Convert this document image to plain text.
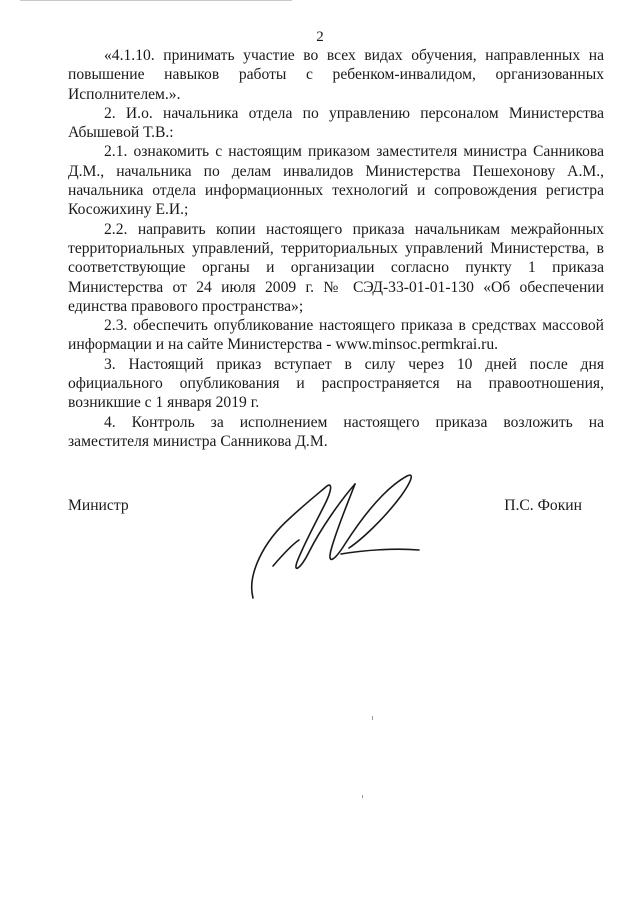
2

«4.1.10. принимать участие во всех видах обучения, направленных на повышение навыков работы с ребенком-инвалидом, организованных Исполнителем.».

2. И.о. начальника отдела по управлению персоналом Министерства Абышевой Т.В.:

2.1. ознакомить с настоящим приказом заместителя министра Санникова Д.М., начальника по делам инвалидов Министерства Пешехонову А.М., начальника отдела информационных технологий и сопровождения регистра Косожихину Е.И.;

2.2. направить копии настоящего приказа начальникам межрайонных территориальных управлений, территориальных управлений Министерства, в соответствующие органы и организации согласно пункту 1 приказа Министерства от 24 июля 2009 г. № СЭД-33-01-01-130 «Об обеспечении единства правового пространства»;

2.3. обеспечить опубликование настоящего приказа в средствах массовой информации и на сайте Министерства - www.minsoc.permkrai.ru.

3. Настоящий приказ вступает в силу через 10 дней после дня официального опубликования и распространяется на правоотношения, возникшие с 1 января 2019 г.

4. Контроль за исполнением настоящего приказа возложить на заместителя министра Санникова Д.М.

Министр	П.С. Фокин
